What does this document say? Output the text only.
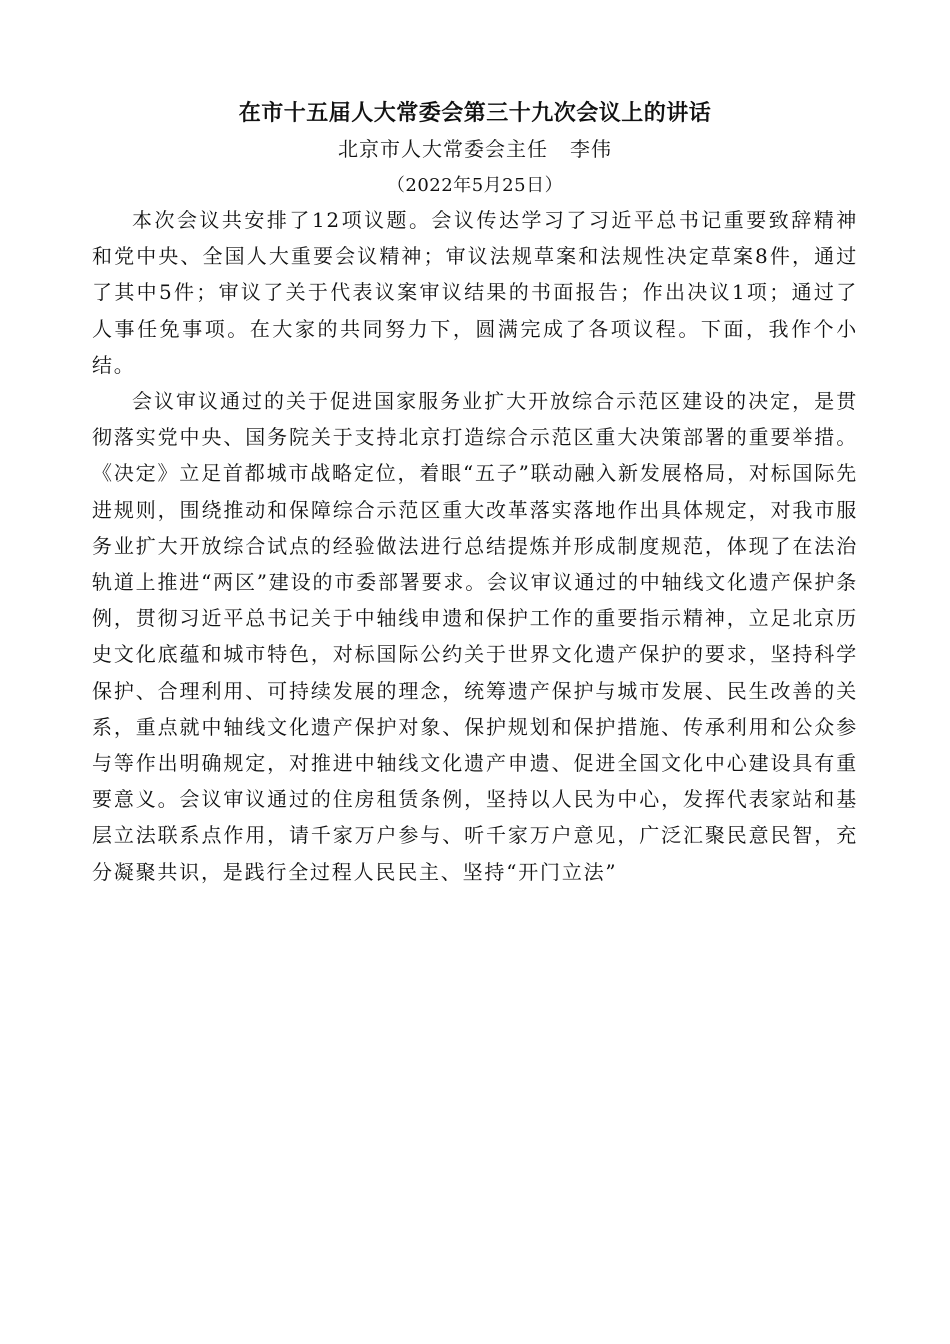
在市十五届人大常委会第三十九次会议上的讲话
北京市人大常委会主任 李伟
（2022年5月25日）

本次会议共安排了12项议题。会议传达学习了习近平总书记重要致辞精神和党中央、全国人大重要会议精神；审议法规草案和法规性决定草案8件，通过了其中5件；审议了关于代表议案审议结果的书面报告；作出决议1项；通过了人事任免事项。在大家的共同努力下，圆满完成了各项议程。下面，我作个小结。

会议审议通过的关于促进国家服务业扩大开放综合示范区建设的决定，是贯彻落实党中央、国务院关于支持北京打造综合示范区重大决策部署的重要举措。《决定》立足首都城市战略定位，着眼“五子”联动融入新发展格局，对标国际先进规则，围绕推动和保障综合示范区重大改革落实落地作出具体规定，对我市服务业扩大开放综合试点的经验做法进行总结提炼并形成制度规范，体现了在法治轨道上推进“两区”建设的市委部署要求。会议审议通过的中轴线文化遗产保护条例，贯彻习近平总书记关于中轴线申遗和保护工作的重要指示精神，立足北京历史文化底蕴和城市特色，对标国际公约关于世界文化遗产保护的要求，坚持科学保护、合理利用、可持续发展的理念，统筹遗产保护与城市发展、民生改善的关系，重点就中轴线文化遗产保护对象、保护规划和保护措施、传承利用和公众参与等作出明确规定，对推进中轴线文化遗产申遗、促进全国文化中心建设具有重要意义。会议审议通过的住房租赁条例，坚持以人民为中心，发挥代表家站和基层立法联系点作用，请千家万户参与、听千家万户意见，广泛汇聚民意民智，充分凝聚共识，是践行全过程人民民主、坚持“开门立法”
